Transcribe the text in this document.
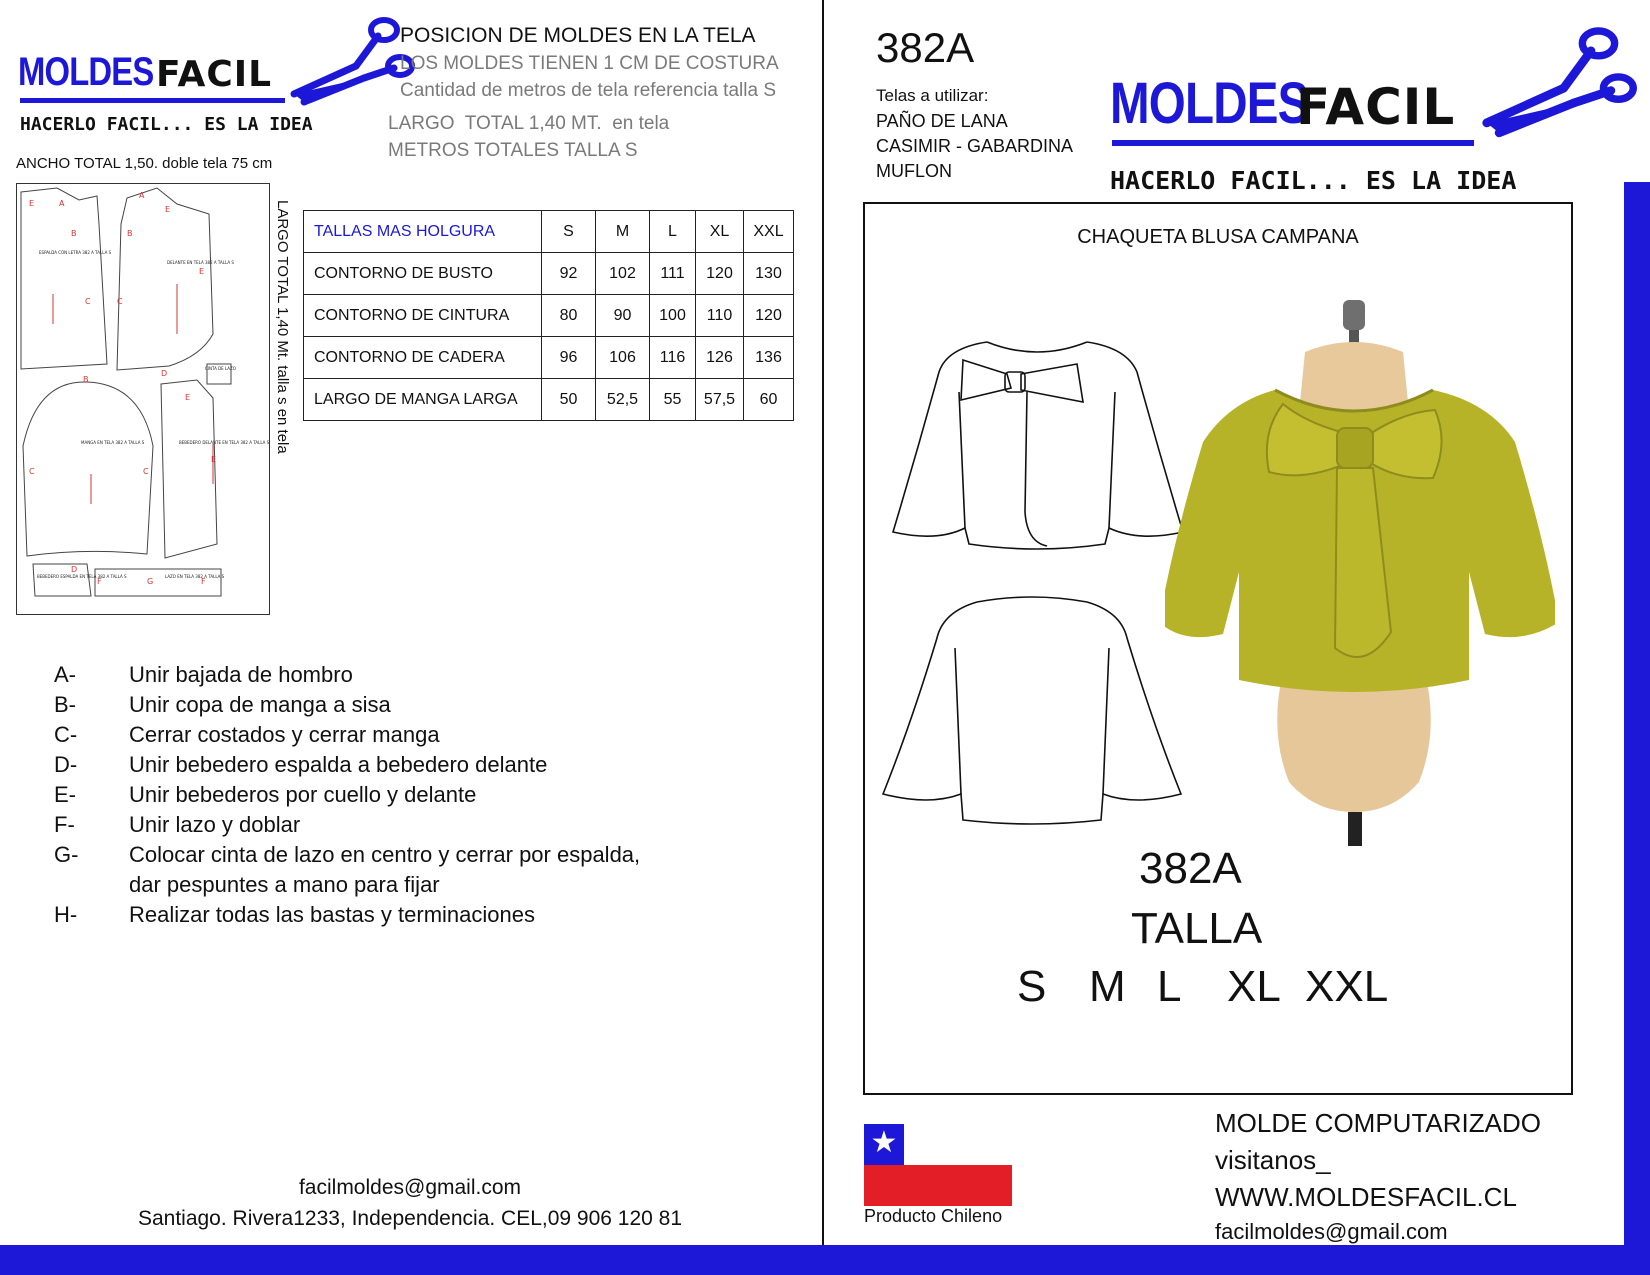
MOLDES FACIL
HACERLO FACIL... ES LA IDEA
POSICION DE MOLDES EN LA TELA
LOS MOLDES TIENEN 1 CM DE COSTURA
Cantidad de metros de tela referencia talla S
LARGO  TOTAL 1,40 MT.  en tela
METROS TOTALES TALLA S
ANCHO TOTAL 1,50. doble tela 75 cm
E	A
A
E
B	B
E
C	C
B
D
E
C	C
E
D
F	G	F
ESPALDA CON LETRA 382 A TALLA S
DELANTE EN TELA 382 A TALLA S
MANGA EN TELA 382 A TALLA S	BEBEDERO DELANTE EN TELA 382 A TALLA S
CINTA DE LAZO
BEBEDERO ESPALDA EN TELA 382 A TALLA S	LAZO EN TELA 382 A TALLA S
LARGO TOTAL 1,40 Mt. talla s en tela TALLAS MAS HOLGURA	S	M	L	XL	XXL
CONTORNO DE BUSTO	92	102	111	120	130
CONTORNO DE CINTURA	80	90	100	110	120
CONTORNO DE CADERA	96	106	116	126	136
LARGO DE MANGA LARGA	50	52,5	55	57,5	60
A-	Unir bajada de hombro
B-	Unir copa de manga a sisa
C-	Cerrar costados y cerrar manga
D-	Unir bebedero espalda a bebedero delante
E-	Unir bebederos por cuello y delante
F-	Unir lazo y doblar
G-	Colocar cinta de lazo en centro y cerrar por espalda,
dar pespuntes a mano para fijar
H-	Realizar todas las bastas y terminaciones
facilmoldes@gmail.com
Santiago. Rivera1233, Independencia. CEL,09 906 120 81
382A
Telas a utilizar:
PAÑO DE LANA
CASIMIR - GABARDINA
MUFLON
MOLDES
FACIL
HACERLO FACIL... ES LA IDEA
CHAQUETA BLUSA CAMPANA
382A
TALLA
S M L XL XXL
★
Producto Chileno
MOLDE COMPUTARIZADO
visitanos_
WWW.MOLDESFACIL.CL
facilmoldes@gmail.com
